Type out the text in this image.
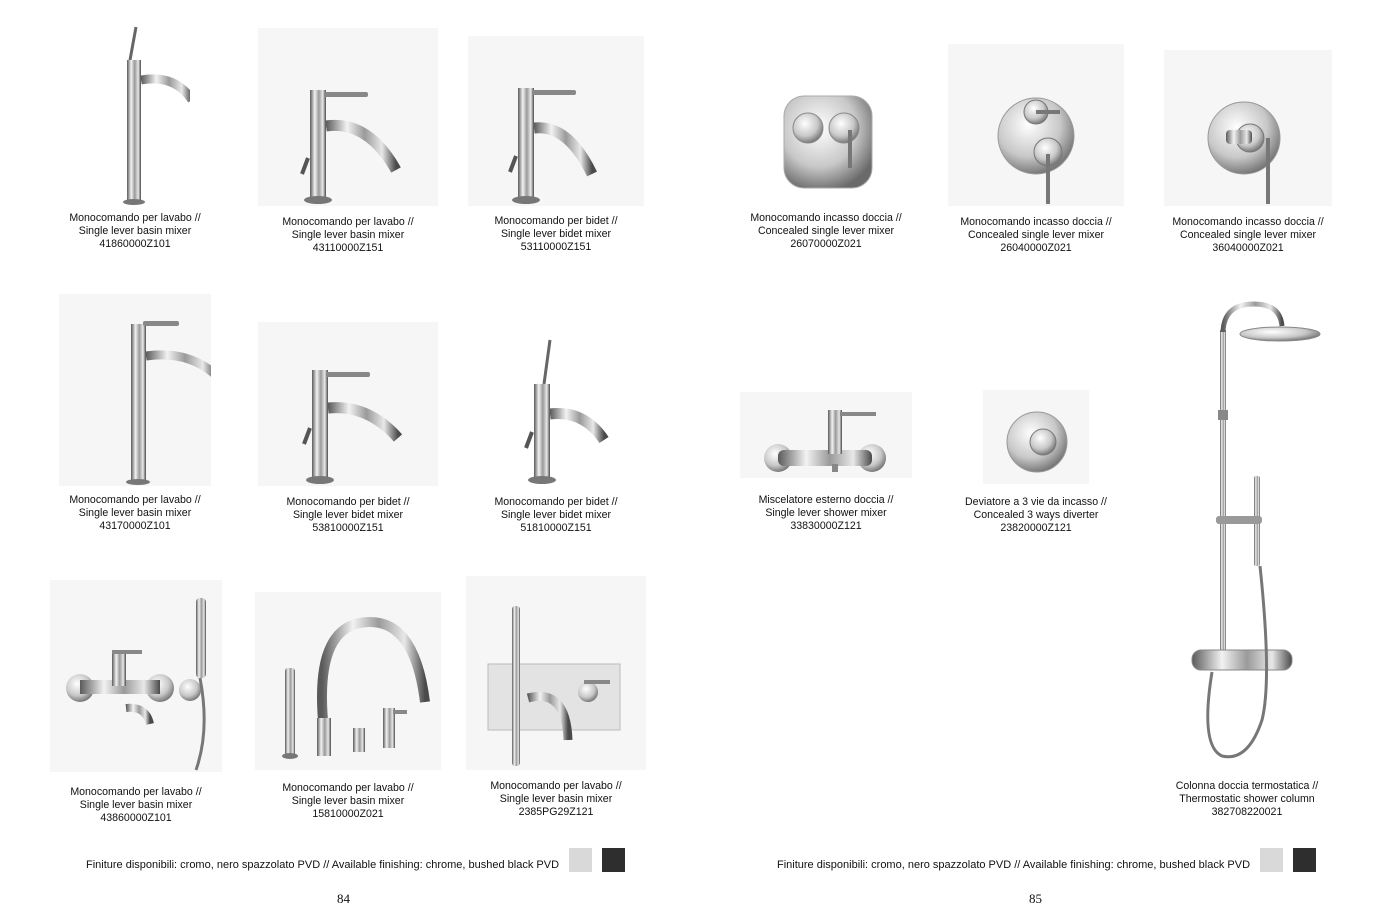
Monocomando per lavabo //
Single lever basin mixer
41860000Z101
Monocomando per lavabo //
Single lever basin mixer
43110000Z151
Monocomando per bidet //
Single lever bidet mixer
53110000Z151
Monocomando per lavabo //
Single lever basin mixer
43170000Z101
Monocomando per bidet //
Single lever bidet mixer
53810000Z151
Monocomando per bidet //
Single lever bidet mixer
51810000Z151
Monocomando per lavabo //
Single lever basin mixer
43860000Z101
Monocomando per lavabo //
Single lever basin mixer
15810000Z021
Monocomando per lavabo //
Single lever basin mixer
2385PG29Z121
Finiture disponibili: cromo, nero spazzolato PVD // Available finishing: chrome, bushed black PVD
84
Monocomando incasso doccia //
Concealed single lever mixer
26070000Z021
Monocomando incasso doccia //
Concealed single lever mixer
26040000Z021
Monocomando incasso doccia //
Concealed single lever mixer
36040000Z021
Miscelatore esterno doccia //
Single lever shower mixer
33830000Z121
Deviatore a 3 vie da incasso //
Concealed 3 ways diverter
23820000Z121
Colonna doccia termostatica //
Thermostatic shower column
382708220021
Finiture disponibili: cromo, nero spazzolato PVD // Available finishing: chrome, bushed black PVD
85
